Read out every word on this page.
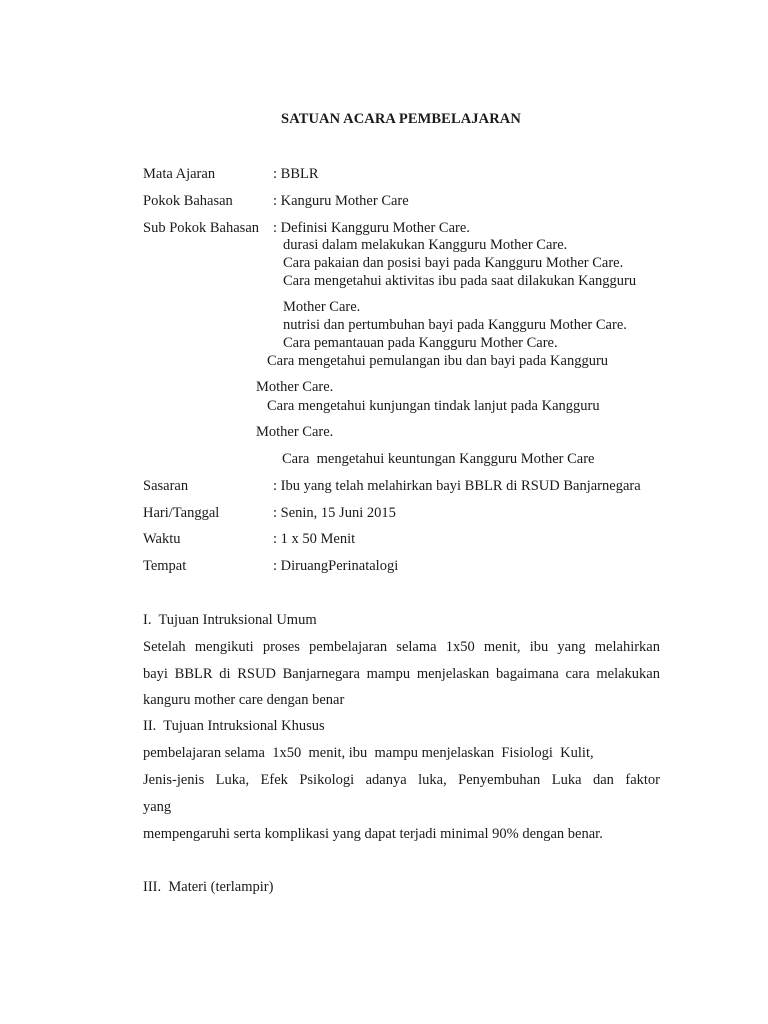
SATUAN ACARA PEMBELAJARAN
Mata Ajaran	: BBLR
Pokok Bahasan	: Kanguru Mother Care
Sub Pokok Bahasan : Definisi Kangguru Mother Care.
durasi dalam melakukan Kangguru Mother Care.
Cara pakaian dan posisi bayi pada Kangguru Mother Care.
Cara mengetahui aktivitas ibu pada saat dilakukan Kangguru
Mother Care.
nutrisi dan pertumbuhan bayi pada Kangguru Mother Care.
Cara pemantauan pada Kangguru Mother Care.
Cara mengetahui pemulangan ibu dan bayi pada Kangguru
Mother Care.
Cara mengetahui kunjungan tindak lanjut pada Kangguru
Mother Care.
Cara  mengetahui keuntungan Kangguru Mother Care
Sasaran	: Ibu yang telah melahirkan bayi BBLR di RSUD Banjarnegara
Hari/Tanggal	: Senin, 15 Juni 2015
Waktu	: 1 x 50 Menit
Tempat	: DiruangPerinatalogi
I.  Tujuan Intruksional Umum
Setelah mengikuti proses pembelajaran selama 1x50 menit, ibu yang melahirkan
bayi BBLR di RSUD Banjarnegara mampu menjelaskan bagaimana cara melakukan
kanguru mother care dengan benar
II.  Tujuan Intruksional Khusus
pembelajaran selama  1x50  menit, ibu  mampu menjelaskan  Fisiologi  Kulit,
Jenis-jenis Luka, Efek Psikologi adanya luka, Penyembuhan Luka dan faktor
yang
mempengaruhi serta komplikasi yang dapat terjadi minimal 90% dengan benar.
III.  Materi (terlampir)
